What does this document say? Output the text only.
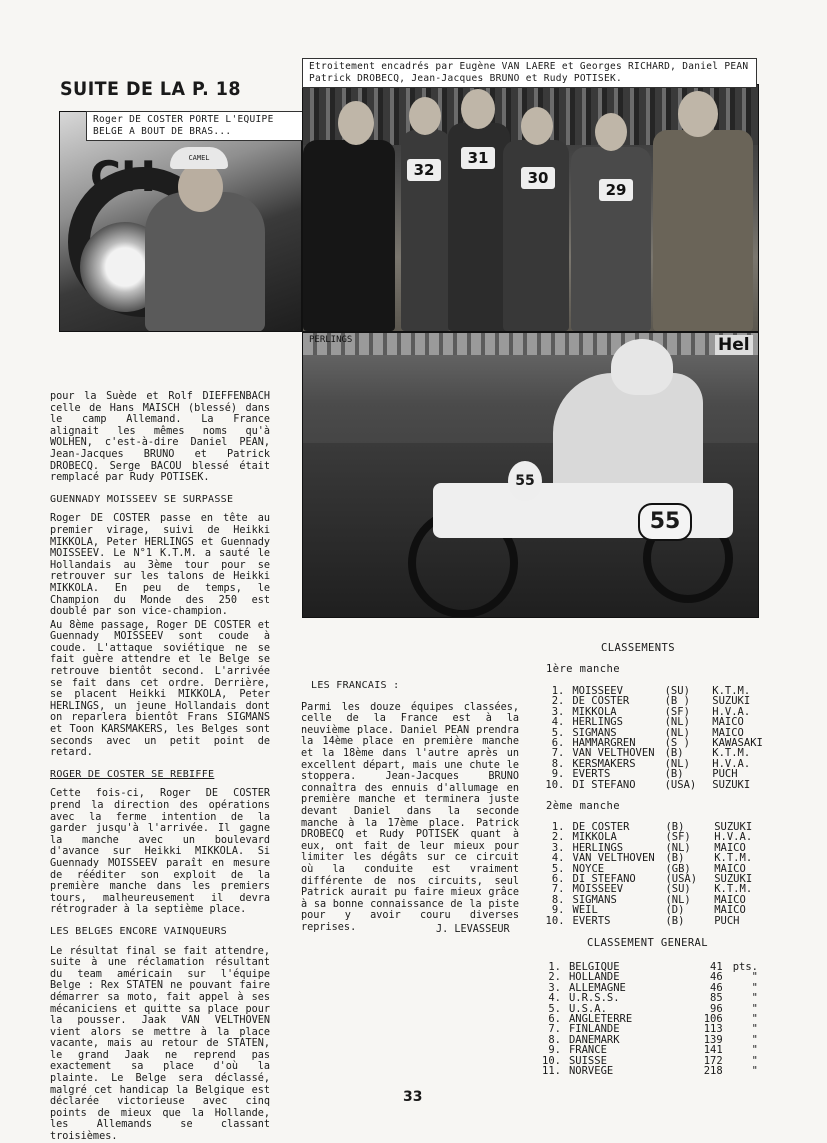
SUITE DE LA P. 18
CH	CAMEL
Roger DE COSTER PORTE L'EQUIPE
BELGE A BOUT DE BRAS...
32
31
30
29
Etroitement encadrés par Eugène VAN LAERE et Georges RICHARD, Daniel PEAN
Patrick DROBECQ, Jean-Jacques BRUNO et Rudy POTISEK.
PERLINGS	Hel
55
55

pour la Suède et Rolf DIEFFENBACH celle de Hans MAISCH (blessé) dans le camp Allemand. La France alignait les mêmes noms qu'à WOLHEN, c'est-à-dire Daniel PEAN, Jean-Jacques BRUNO et Patrick DROBECQ. Serge BACOU blessé était remplacé par Rudy POTISEK.

GUENNADY MOISSEEV SE SURPASSE

Roger DE COSTER passe en tête au premier virage, suivi de Heikki MIKKOLA, Peter HERLINGS et Guennady MOISSEEV. Le N°1 K.T.M. a sauté le Hollandais au 3ème tour pour se retrouver sur les talons de Heikki MIKKOLA. En peu de temps, le Champion du Monde des 250 est doublé par son vice-champion.

Au 8ème passage, Roger DE COSTER et Guennady MOISSEEV sont coude à coude. L'attaque soviétique ne se fait guère attendre et le Belge se retrouve bientôt second. L'arrivée se fait dans cet ordre. Derrière, se placent Heikki MIKKOLA, Peter HERLINGS, un jeune Hollandais dont on reparlera bientôt Frans SIGMANS et Toon KARSMAKERS, les Belges sont seconds avec un petit point de retard.

ROGER DE COSTER SE REBIFFE

Cette fois-ci, Roger DE COSTER prend la direction des opérations avec la ferme intention de la garder jusqu'à l'arrivée. Il gagne la manche avec un boulevard d'avance sur Heikki MIKKOLA. Si Guennady MOISSEEV paraît en mesure de rééditer son exploit de la première manche dans les premiers tours, malheureusement il devra rétrograder à la septième place.

LES BELGES ENCORE VAINQUEURS

Le résultat final se fait attendre, suite à une réclamation résultant du team américain sur l'équipe Belge : Rex STATEN ne pouvant faire démarrer sa moto, fait appel à ses mécaniciens et quitte sa place pour la pousser. Jaak VAN VELTHOVEN vient alors se mettre à la place vacante, mais au retour de STATEN, le grand Jaak ne reprend pas exactement sa place d'où la plainte. Le Belge sera déclassé, malgré cet handicap la Belgique est déclarée victorieuse avec cinq points de mieux que la Hollande, les Allemands se classant troisièmes.

LES FRANCAIS :

Parmi les douze équipes classées, celle de la France est à la neuvième place. Daniel PEAN prendra la 14ème place en première manche et la 18ème dans l'autre après un excellent départ, mais une chute le stoppera. Jean-Jacques BRUNO connaîtra des ennuis d'allumage en première manche et terminera juste devant Daniel dans la seconde manche à la 17ème place. Patrick DROBECQ et Rudy POTISEK quant à eux, ont fait de leur mieux pour limiter les dégâts sur ce circuit où la conduite est vraiment différente de nos circuits, seul Patrick aurait pu faire mieux grâce à sa bonne connaissance de la piste pour y avoir couru diverses reprises.	J. LEVASSEUR
CLASSEMENTS
1ère manche
1.	MOISSEEV	(SU)	K.T.M.
2.	DE COSTER	(B )	SUZUKI
3.	MIKKOLA	(SF)	H.V.A.
4.	HERLINGS	(NL)	MAICO
5.	SIGMANS	(NL)	MAICO
6.	HAMMARGREN	(S )	KAWASAKI
7.	VAN VELTHOVEN	(B)	K.T.M.
8.	KERSMAKERS	(NL)	H.V.A.
9.	EVERTS	(B)	PUCH
10.	DI STEFANO	(USA)	SUZUKI
2ème manche
1.	DE COSTER	(B)	SUZUKI
2.	MIKKOLA	(SF)	H.V.A.
3.	HERLINGS	(NL)	MAICO
4.	VAN VELTHOVEN	(B)	K.T.M.
5.	NOYCE	(GB)	MAICO
6.	DI STEFANO	(USA)	SUZUKI
7.	MOISSEEV	(SU)	K.T.M.
8.	SIGMANS	(NL)	MAICO
9.	WEIL	(D)	MAICO
10.	EVERTS	(B)	PUCH
CLASSEMENT GENERAL
1.	BELGIQUE	41	pts.
2.	HOLLANDE	46	"
3.	ALLEMAGNE	46	"
4.	U.R.S.S.	85	"
5.	U.S.A.	96	"
6.	ANGLETERRE	106	"
7.	FINLANDE	113	"
8.	DANEMARK	139	"
9.	FRANCE	141	"
10.	SUISSE	172	"
11.	NORVEGE	218	"
33
